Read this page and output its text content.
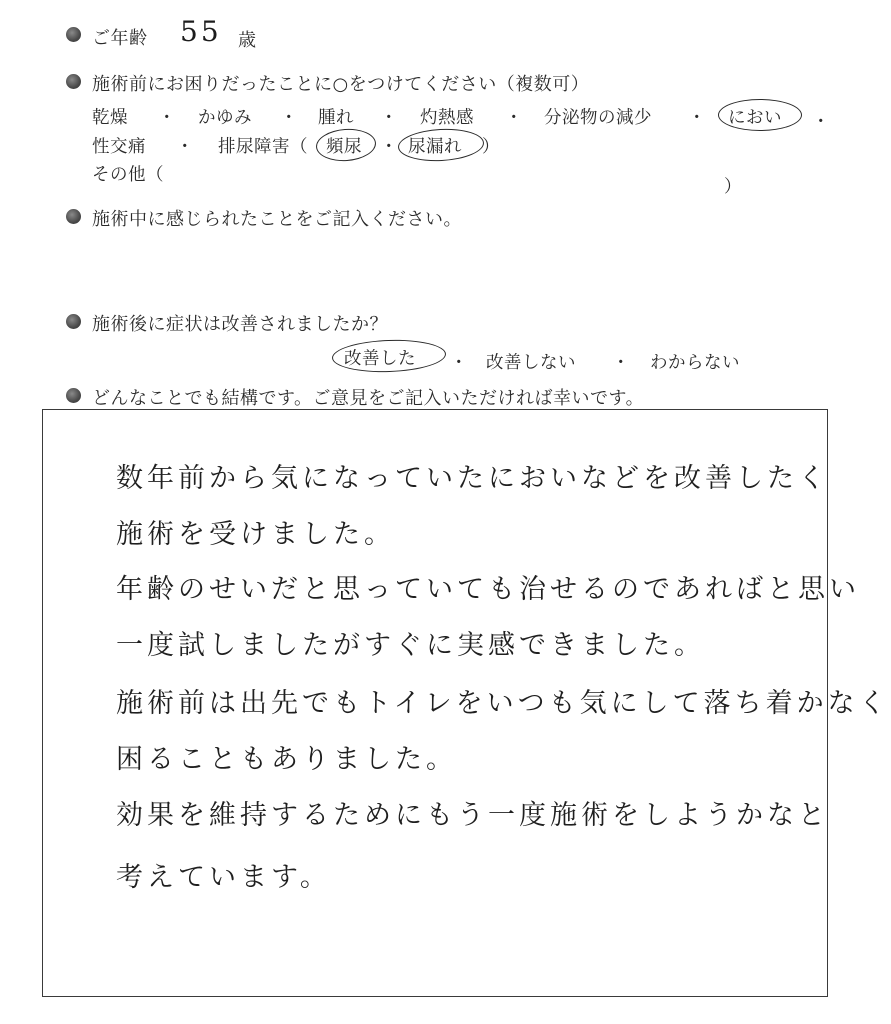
ご年齢 55 歳
施術前にお困りだったことに○をつけてください（複数可）
乾燥 ・ かゆみ ・ 腫れ ・ 灼熱感 ・ 分泌物の減少 ・ におい ・
性交痛 ・ 排尿障害（ 頻尿 ・ 尿漏れ ）
その他（
）
施術中に感じられたことをご記入ください。
施術後に症状は改善されましたか？
改善した ・ 改善しない ・ わからない
どんなことでも結構です。ご意見をご記入いただければ幸いです。
数年前から気になっていたにおいなどを改善したく
施術を受けました。
年齢のせいだと思っていても治せるのであればと思い
一度試しましたがすぐに実感できました。
施術前は出先でもトイレをいつも気にして落ち着かなく
困ることもありました。
効果を維持するためにもう一度施術をしようかなと
考えています。
